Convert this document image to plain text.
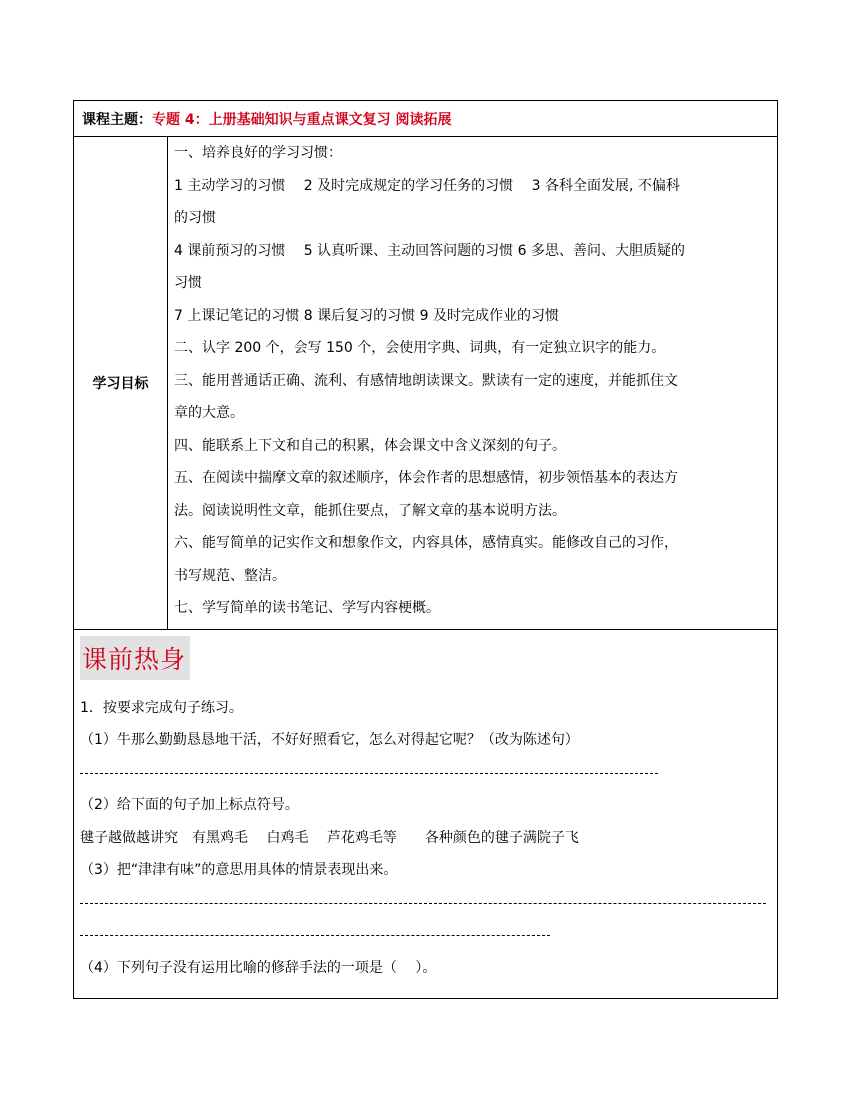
课程主题： 专题 4：上册基础知识与重点课文复习 阅读拓展
学习目标

一、培养良好的学习习惯：

1 主动学习的习惯　 2 及时完成规定的学习任务的习惯　 3 各科全面发展, 不偏科

的习惯

4 课前预习的习惯　 5 认真听课、主动回答问题的习惯 6 多思、善问、大胆质疑的

习惯

7 上课记笔记的习惯 8 课后复习的习惯 9 及时完成作业的习惯

二、认字 200 个，会写 150 个，会使用字典、词典，有一定独立识字的能力。

三、能用普通话正确、流利、有感情地朗读课文。默读有一定的速度，并能抓住文

章的大意。

四、能联系上下文和自己的积累，体会课文中含义深刻的句子。

五、在阅读中揣摩文章的叙述顺序，体会作者的思想感情，初步领悟基本的表达方

法。阅读说明性文章，能抓住要点，了解文章的基本说明方法。

六、能写简单的记实作文和想象作文，内容具体，感情真实。能修改自己的习作，

书写规范、整洁。

七、学写简单的读书笔记、学写内容梗概。

课前热身

1．按要求完成句子练习。

（1）牛那么勤勤恳恳地干活，不好好照看它，怎么对得起它呢？（改为陈述句）

（2）给下面的句子加上标点符号。

毽子越做越讲究　有黑鸡毛　 白鸡毛　 芦花鸡毛等　　各种颜色的毽子满院子飞

（3）把“津津有味”的意思用具体的情景表现出来。

（4）下列句子没有运用比喻的修辞手法的一项是（　 ）。
